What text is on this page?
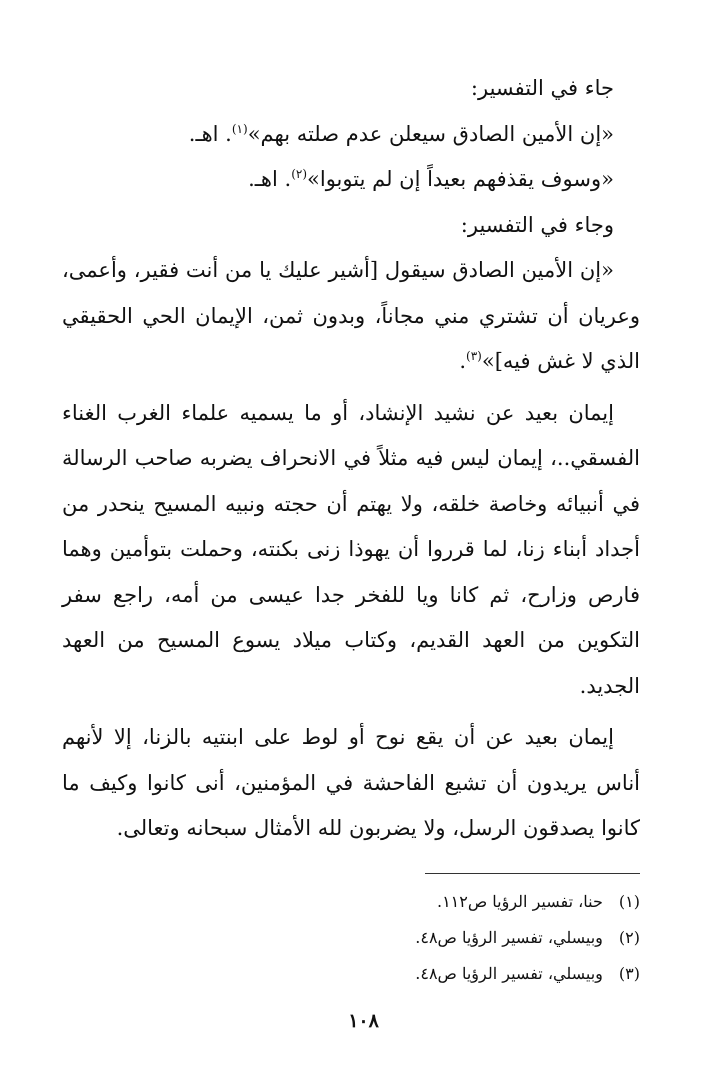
جاء في التفسير:

«إن الأمين الصادق سيعلن عدم صلته بهم»$^{(١)}$. اهـ.

«وسوف يقذفهم بعيداً إن لم يتوبوا»$^{(٢)}$. اهـ.

وجاء في التفسير:

«إن الأمين الصادق سيقول [أشير عليك يا من أنت فقير، وأعمى، وعريان أن تشتري مني مجاناً، وبدون ثمن، الإيمان الحي الحقيقي الذي لا غش فيه]»$^{(٣)}$.

إيمان بعيد عن نشيد الإنشاد، أو ما يسميه علماء الغرب الغناء الفسقي..، إيمان ليس فيه مثلاً في الانحراف يضربه صاحب الرسالة في أنبيائه وخاصة خلقه، ولا يهتم أن حجته ونبيه المسيح ينحدر من أجداد أبناء زنا، لما قرروا أن يهوذا زنى بكنته، وحملت بتوأمين وهما فارص وزارح، ثم كانا ويا للفخر جدا عيسى من أمه، راجع سفر التكوين من العهد القديم، وكتاب ميلاد يسوع المسيح من العهد الجديد.

إيمان بعيد عن أن يقع نوح أو لوط على ابنتيه بالزنا، إلا لأنهم أناس يريدون أن تشيع الفاحشة في المؤمنين، أنى كانوا وكيف ما كانوا يصدقون الرسل، ولا يضربون لله الأمثال سبحانه وتعالى.

(١)حنا، تفسير الرؤيا ص١١٢.
(٢)وبيسلي، تفسير الرؤيا ص٤٨.
(٣)وبيسلي، تفسير الرؤيا ص٤٨.
١٠٨
